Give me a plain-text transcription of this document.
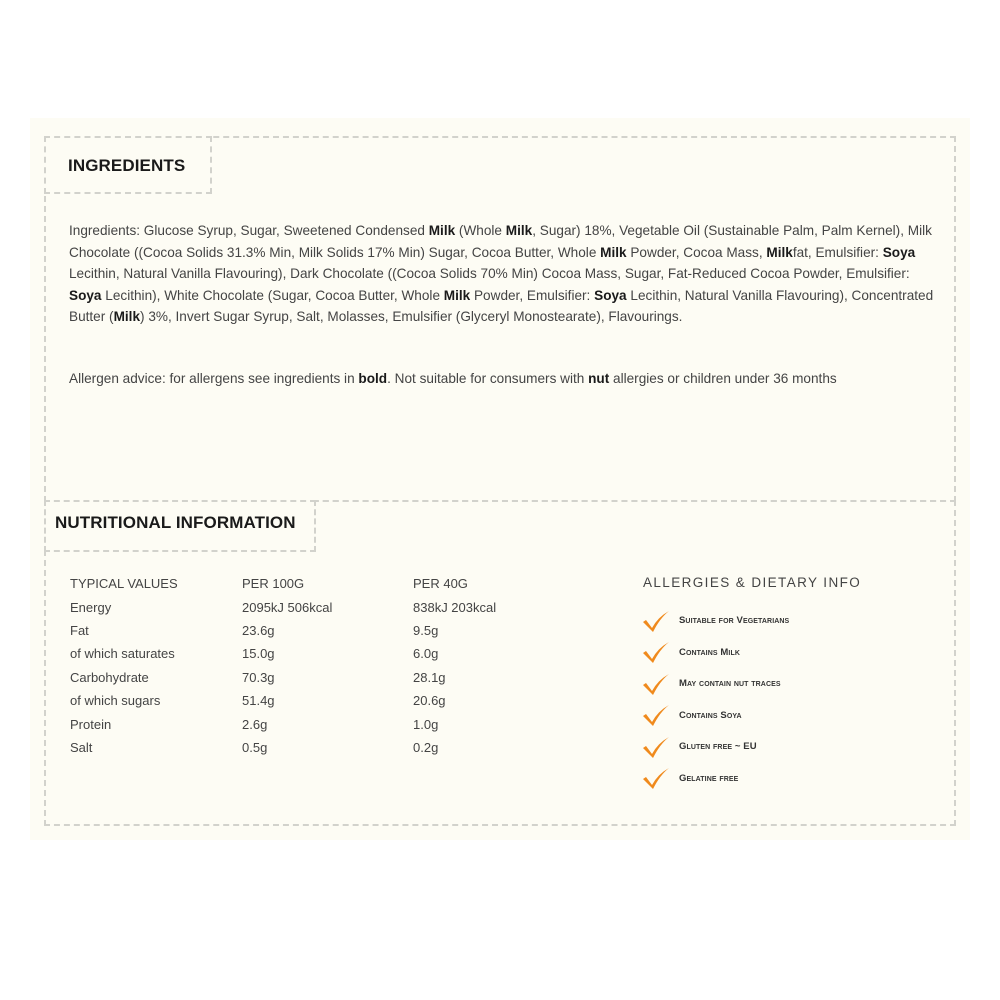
INGREDIENTS

Ingredients: Glucose Syrup, Sugar, Sweetened Condensed Milk (Whole Milk, Sugar) 18%, Vegetable Oil (Sustainable Palm, Palm Kernel), Milk Chocolate ((Cocoa Solids 31.3% Min, Milk Solids 17% Min) Sugar, Cocoa Butter, Whole Milk Powder, Cocoa Mass, Milkfat, Emulsifier: Soya Lecithin, Natural Vanilla Flavouring), Dark Chocolate ((Cocoa Solids 70% Min) Cocoa Mass, Sugar, Fat-Reduced Cocoa Powder, Emulsifier: Soya Lecithin), White Chocolate (Sugar, Cocoa Butter, Whole Milk Powder, Emulsifier: Soya Lecithin, Natural Vanilla Flavouring), Concentrated Butter (Milk) 3%, Invert Sugar Syrup, Salt, Molasses, Emulsifier (Glyceryl Monostearate), Flavourings.

Allergen advice: for allergens see ingredients in bold. Not suitable for consumers with nut allergies or children under 36 months

NUTRITIONAL INFORMATION
TYPICAL VALUES	PER 100G	PER 40G
Energy	2095kJ 506kcal	838kJ 203kcal
Fat	23.6g	9.5g
of which saturates	15.0g	6.0g
Carbohydrate	70.3g	28.1g
of which sugars	51.4g	20.6g
Protein	2.6g	1.0g
Salt	0.5g	0.2g
ALLERGIES & DIETARY INFO
Suitable for Vegetarians
Contains Milk
May contain nut traces
Contains Soya
Gluten free ~ EU
Gelatine free
